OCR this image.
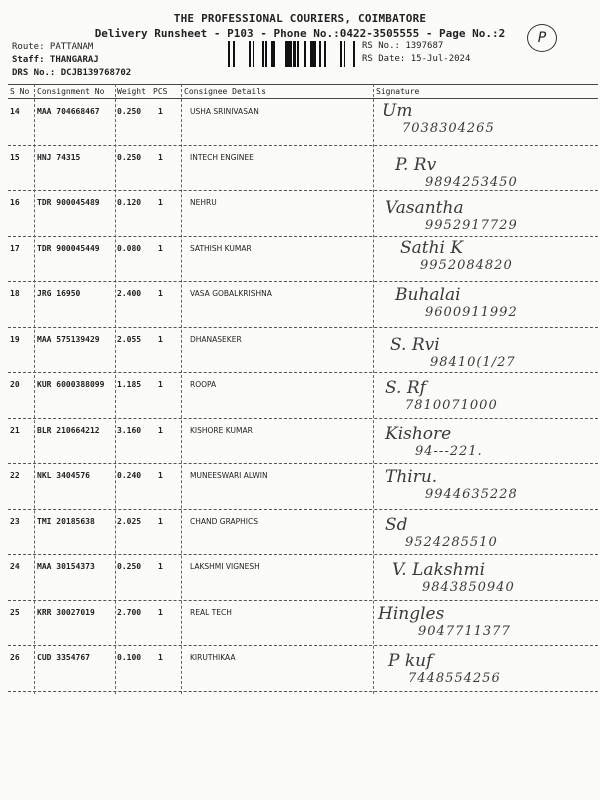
THE PROFESSIONAL COURIERS, COIMBATORE
Delivery Runsheet - P103 - Phone No.:0422-3505555 - Page No.:2	P
Route: PATTANAM
Staff: THANGARAJ
DRS No.: DCJB139768702
RS No.: 1397687
RS Date: 15-Jul-2024
S No Consignment No Weight PCS Consignee Details	Signature
14 MAA 704668467 0.250 1	USHA SRINIVASAN	Um
7038304265
15 HNJ 74315	0.250 1	INTECH ENGINEE	P. Rv
9894253450
16 TDR 900045489 0.120 1	NEHRU	Vasantha
9952917729
17 TDR 900045449 0.080 1	SATHISH KUMAR	Sathi K
9952084820
18 JRG 16950	2.400 1	VASA GOBALKRISHNA	Buhalai
9600911992
19 MAA 575139429 2.055 1	DHANASEKER	S. Rvi
98410(1/27
20 KUR 6000388099 1.185 1	ROOPA	S. Rf
7810071000
21 BLR 210664212 3.160 1	KISHORE KUMAR	Kishore
94---221.
22 NKL 3404576	0.240 1	MUNEESWARI ALWIN	Thiru.
9944635228
23 TMI 20185638	2.025 1	CHAND GRAPHICS	Sd
9524285510
24 MAA 30154373	0.250 1	LAKSHMI VIGNESH	V. Lakshmi
9843850940
25 KRR 30027019	2.700 1	REAL TECH	Hingles
9047711377
26 CUD 3354767	0.100 1	KIRUTHIKAA	P kuf
7448554256
